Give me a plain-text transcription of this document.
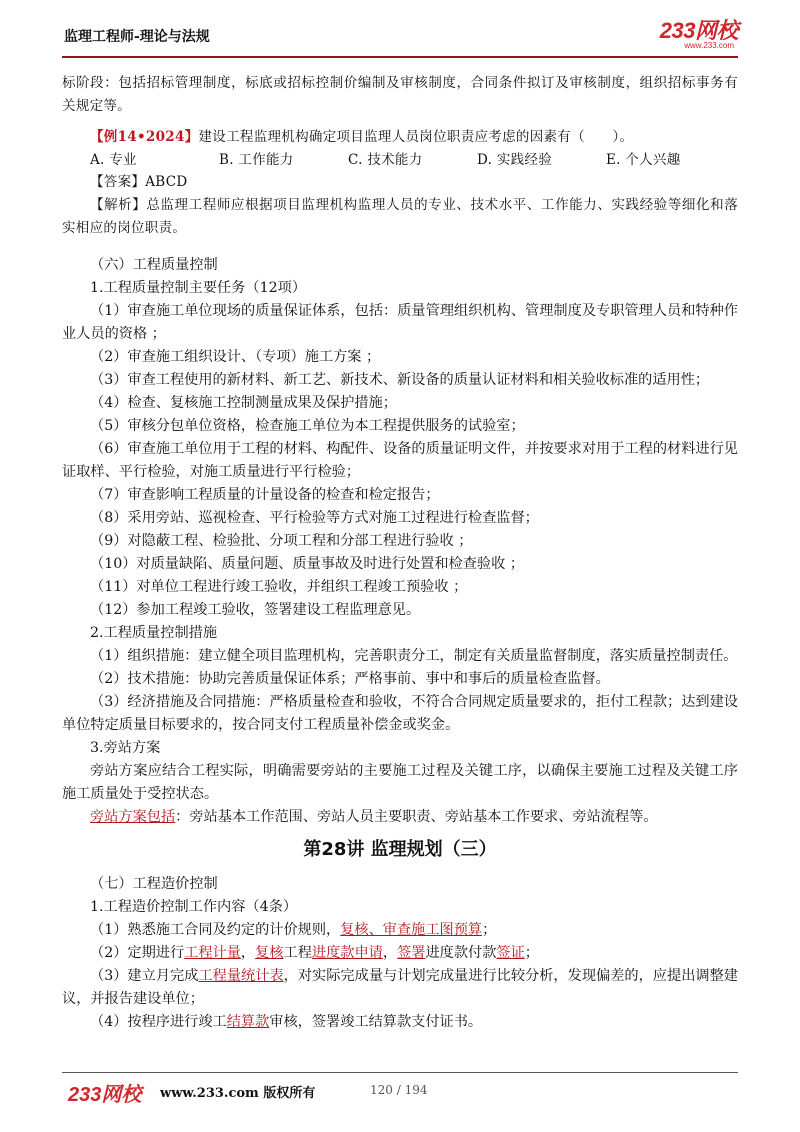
监理工程师-理论与法规	233网校
www.233.com

标阶段：包括招标管理制度，标底或招标控制价编制及审核制度，合同条件拟订及审核制度，组织招标事务有关规定等。

【例14•2024】建设工程监理机构确定项目监理人员岗位职责应考虑的因素有（　　）。

A. 专业	B. 工作能力	C. 技术能力	D. 实践经验	E. 个人兴趣

【答案】ABCD

【解析】总监理工程师应根据项目监理机构监理人员的专业、技术水平、工作能力、实践经验等细化和落实相应的岗位职责。

（六）工程质量控制

1.工程质量控制主要任务（12项）

（1）审查施工单位现场的质量保证体系，包括：质量管理组织机构、管理制度及专职管理人员和特种作业人员的资格 ；

（2）审查施工组织设计、（专项）施工方案 ；

（3）审查工程使用的新材料、新工艺、新技术、新设备的质量认证材料和相关验收标准的适用性；

（4）检查、复核施工控制测量成果及保护措施；

（5）审核分包单位资格，检查施工单位为本工程提供服务的试验室；

（6）审查施工单位用于工程的材料、构配件、设备的质量证明文件，并按要求对用于工程的材料进行见证取样、平行检验，对施工质量进行平行检验；

（7）审查影响工程质量的计量设备的检查和检定报告；

（8）采用旁站、巡视检查、平行检验等方式对施工过程进行检查监督；

（9）对隐蔽工程、检验批、分项工程和分部工程进行验收 ；

（10）对质量缺陷、质量问题、质量事故及时进行处置和检查验收 ；

（11）对单位工程进行竣工验收，并组织工程竣工预验收 ；

（12）参加工程竣工验收，签署建设工程监理意见。

2.工程质量控制措施

（1）组织措施：建立健全项目监理机构，完善职责分工，制定有关质量监督制度，落实质量控制责任。

（2）技术措施：协助完善质量保证体系；严格事前、事中和事后的质量检查监督。

（3）经济措施及合同措施：严格质量检查和验收，不符合合同规定质量要求的，拒付工程款；达到建设单位特定质量目标要求的，按合同支付工程质量补偿金或奖金。

3.旁站方案

旁站方案应结合工程实际，明确需要旁站的主要施工过程及关键工序，以确保主要施工过程及关键工序施工质量处于受控状态。

旁站方案包括：旁站基本工作范围、旁站人员主要职责、旁站基本工作要求、旁站流程等。

第28讲 监理规划（三）

（七）工程造价控制

1.工程造价控制工作内容（4条）

（1）熟悉施工合同及约定的计价规则，复核、审查施工图预算；

（2）定期进行工程计量，复核工程进度款申请，签署进度款付款签证；

（3）建立月完成工程量统计表，对实际完成量与计划完成量进行比较分析，发现偏差的，应提出调整建议，并报告建设单位；

（4）按程序进行竣工结算款审核，签署竣工结算款支付证书。

233网校 www.233.com 版权所有	120 / 194
